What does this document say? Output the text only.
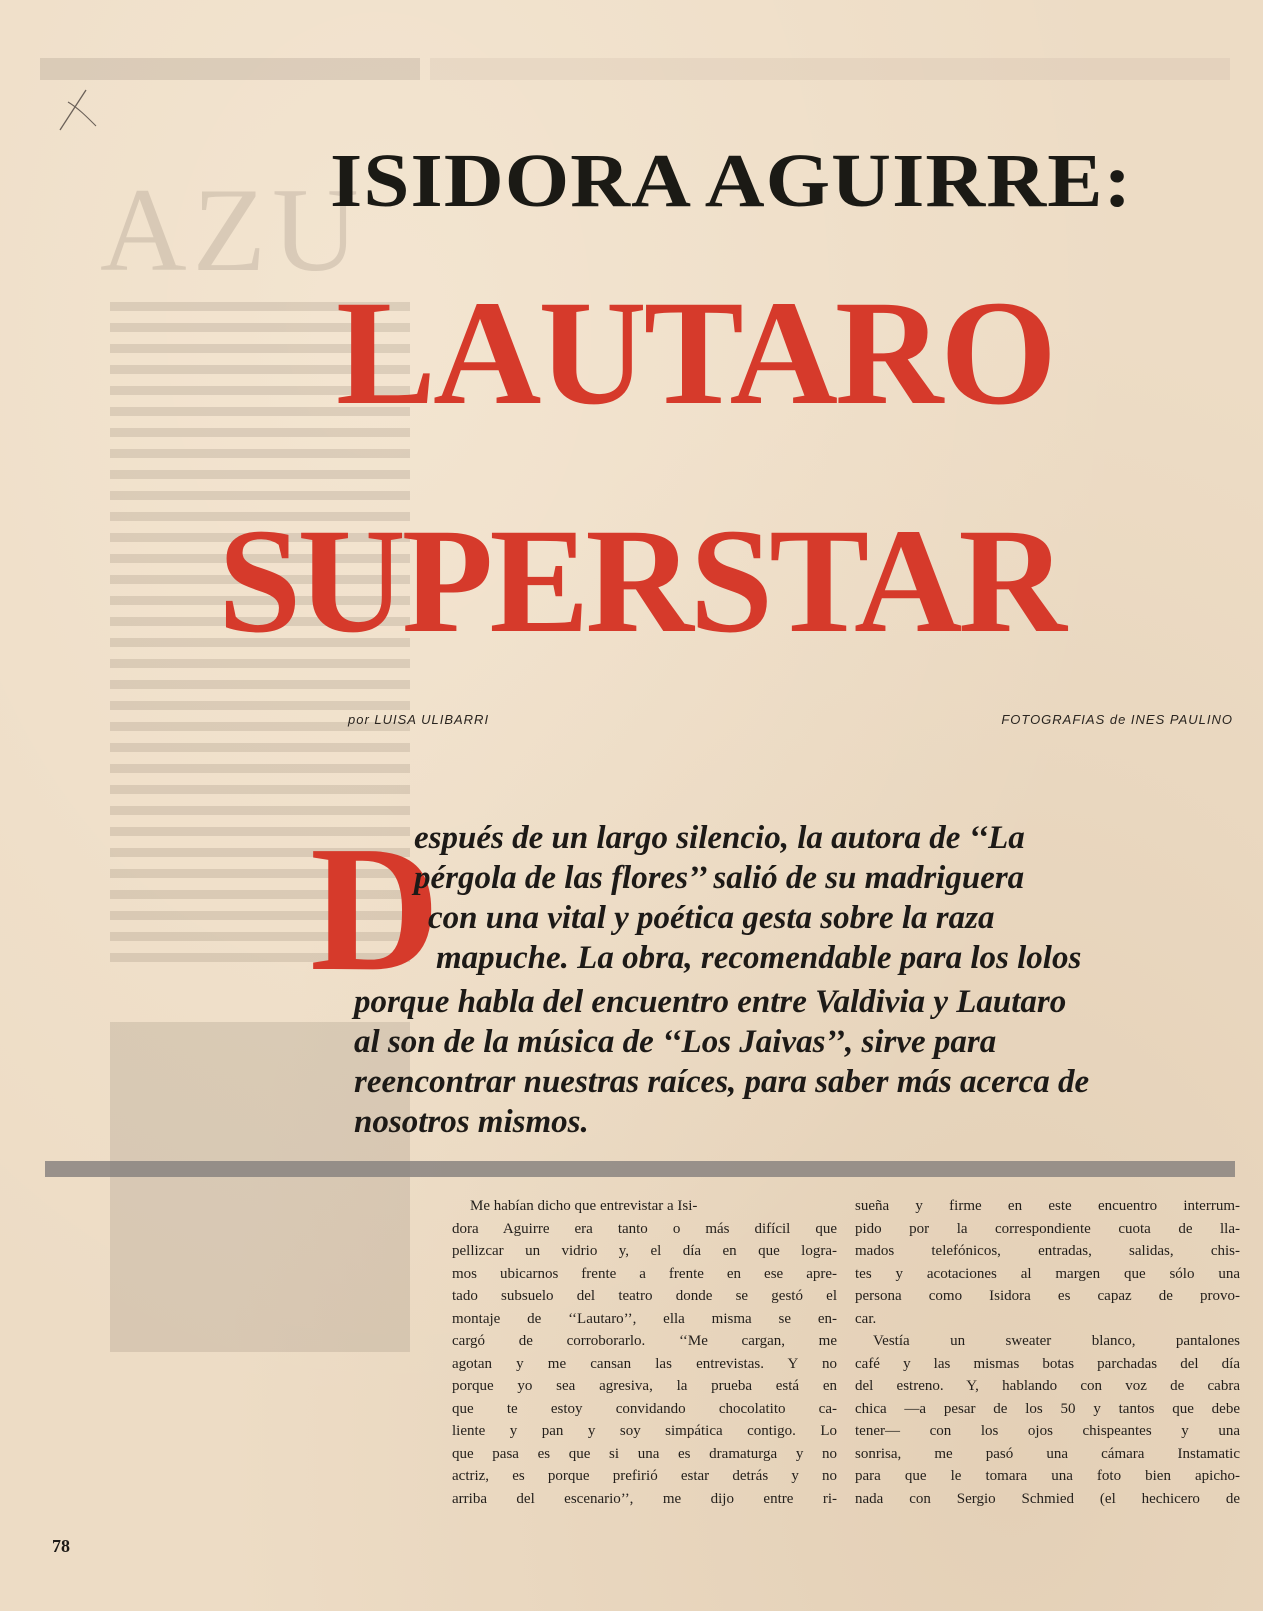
AZU
ISIDORA AGUIRRE:
LAUTARO
SUPERSTAR
por LUISA ULIBARRI	FOTOGRAFIAS de INES PAULINO
D

espués de un largo silencio, la autora de ‘‘La

pérgola de las flores’’ salió de su madriguera

con una vital y poética gesta sobre la raza

mapuche. La obra, recomendable para los lolos

porque habla del encuentro entre Valdivia y Lautaro

al son de la música de ‘‘Los Jaivas’’, sirve para

reencontrar nuestras raíces, para saber más acerca de

nosotros mismos.

Me habían dicho que entrevistar a Isi-

dora Aguirre era tanto o más difícil que

pellizcar un vidrio y, el día en que logra-

mos ubicarnos frente a frente en ese apre-

tado subsuelo del teatro donde se gestó el

montaje de ‘‘Lautaro’’, ella misma se en-

cargó de corroborarlo. ‘‘Me cargan, me

agotan y me cansan las entrevistas. Y no

porque yo sea agresiva, la prueba está en

que te estoy convidando chocolatito ca-

liente y pan y soy simpática contigo. Lo

que pasa es que si una es dramaturga y no

actriz, es porque prefirió estar detrás y no

arriba del escenario’’, me dijo entre ri-

sueña y firme en este encuentro interrum-

pido por la correspondiente cuota de lla-

mados telefónicos, entradas, salidas, chis-

tes y acotaciones al margen que sólo una

persona como Isidora es capaz de provo-

car.

Vestía un sweater blanco, pantalones

café y las mismas botas parchadas del día

del estreno. Y, hablando con voz de cabra

chica —a pesar de los 50 y tantos que debe

tener— con los ojos chispeantes y una

sonrisa, me pasó una cámara Instamatic

para que le tomara una foto bien apicho-

nada con Sergio Schmied (el hechicero de

78
